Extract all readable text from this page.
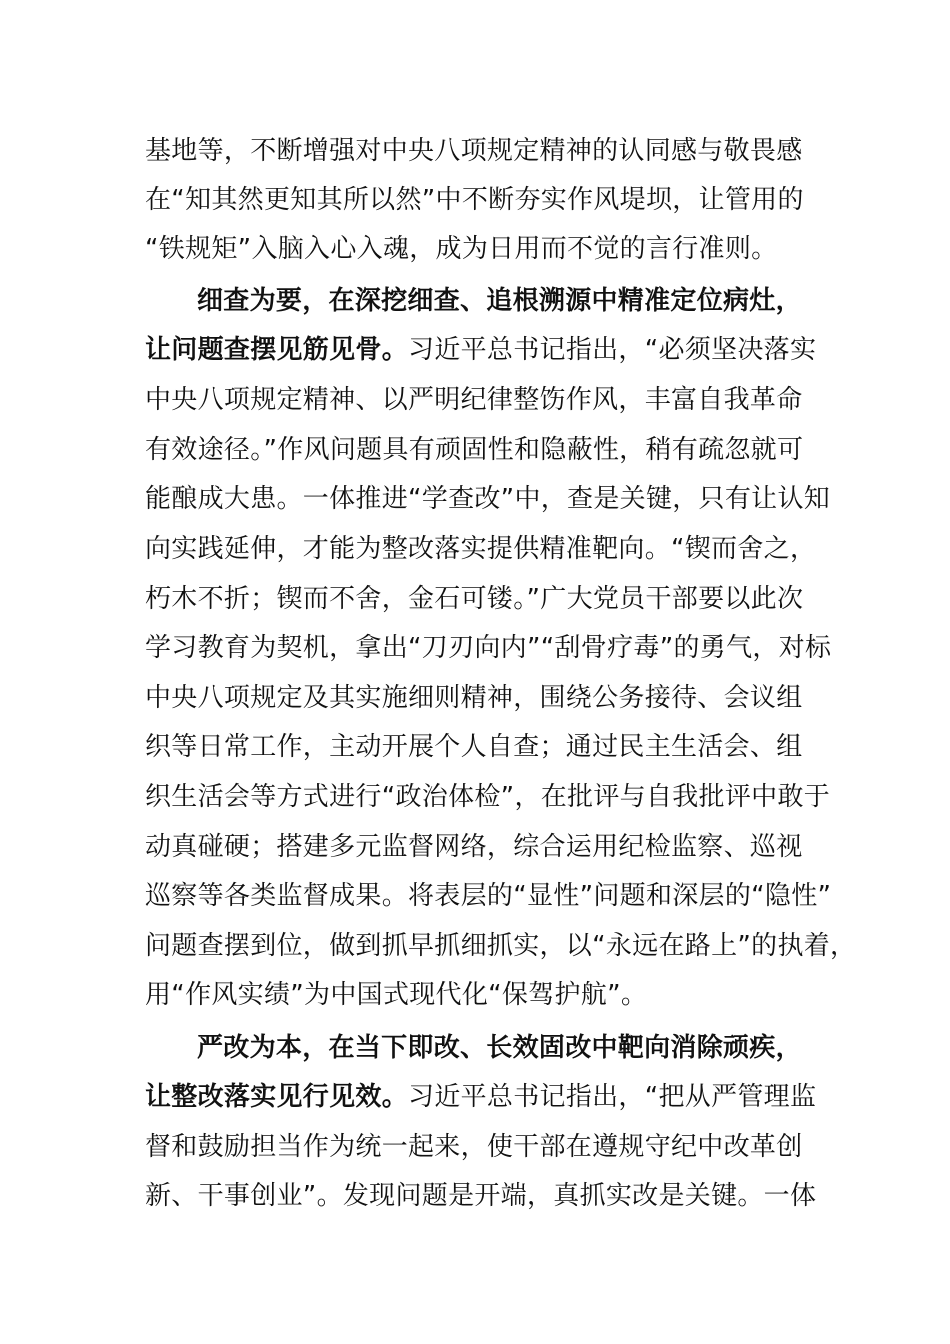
基地等，不断增强对中央八项规定精神的认同感与敬畏感
在“知其然更知其所以然”中不断夯实作风堤坝，让管用的
“铁规矩”入脑入心入魂，成为日用而不觉的言行准则。
细查为要，在深挖细查、追根溯源中精准定位病灶，
让问题查摆见筋见骨。习近平总书记指出，“必须坚决落实
中央八项规定精神、以严明纪律整饬作风，丰富自我革命
有效途径。”作风问题具有顽固性和隐蔽性，稍有疏忽就可
能酿成大患。一体推进“学查改”中，查是关键，只有让认知
向实践延伸，才能为整改落实提供精准靶向。“锲而舍之，
朽木不折；锲而不舍，金石可镂。”广大党员干部要以此次
学习教育为契机，拿出“刀刃向内”“刮骨疗毒”的勇气，对标
中央八项规定及其实施细则精神，围绕公务接待、会议组
织等日常工作，主动开展个人自查；通过民主生活会、组
织生活会等方式进行“政治体检”，在批评与自我批评中敢于
动真碰硬；搭建多元监督网络，综合运用纪检监察、巡视
巡察等各类监督成果。将表层的“显性”问题和深层的“隐性”
问题查摆到位，做到抓早抓细抓实，以“永远在路上”的执着，
用“作风实绩”为中国式现代化“保驾护航”。
严改为本，在当下即改、长效固改中靶向消除顽疾，
让整改落实见行见效。习近平总书记指出，“把从严管理监
督和鼓励担当作为统一起来，使干部在遵规守纪中改革创
新、干事创业”。发现问题是开端，真抓实改是关键。一体
